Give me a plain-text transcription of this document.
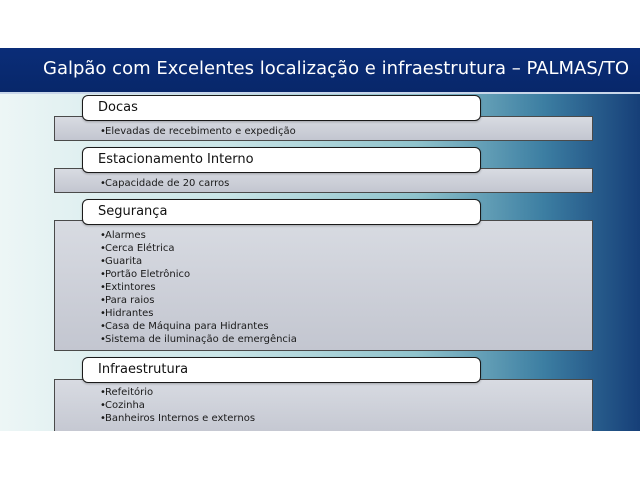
Galpão com Excelentes localização e infraestrutura – PALMAS/TO
•Elevadas de recebimento e expedição
Docas
•Capacidade de 20 carros
Estacionamento Interno
•Alarmes
•Cerca Elétrica
•Guarita
•Portão Eletrônico
•Extintores
•Para raios
•Hidrantes
•Casa de Máquina para Hidrantes
•Sistema de iluminação de emergência
Segurança
•Refeitório
•Cozinha
•Banheiros Internos e externos
Infraestrutura
